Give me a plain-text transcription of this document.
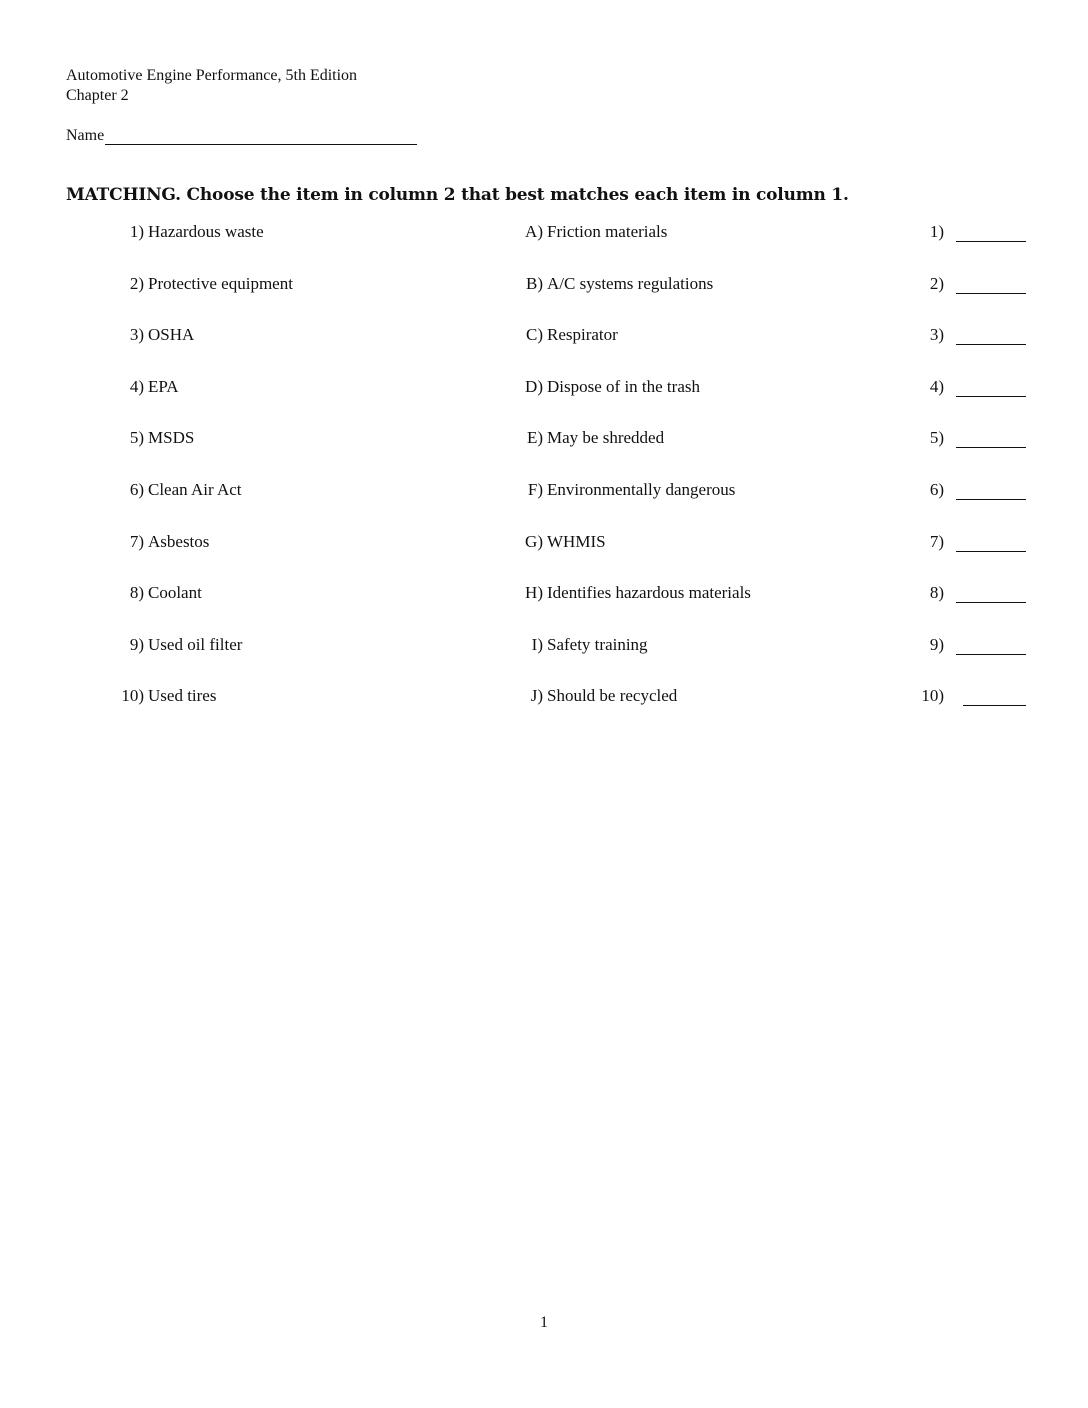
Automotive Engine Performance, 5th Edition
Chapter 2
Name
MATCHING. Choose the item in column 2 that best matches each item in column 1.
1) Hazardous waste	A) Friction materials	1)
2) Protective equipment	B) A/C systems regulations	2)
3) OSHA	C) Respirator	3)
4) EPA	D) Dispose of in the trash	4)
5) MSDS	E) May be shredded	5)
6) Clean Air Act	F) Environmentally dangerous	6)
7) Asbestos	G) WHMIS	7)
8) Coolant	H) Identifies hazardous materials	8)
9) Used oil filter	I) Safety training	9)
10) Used tires	J) Should be recycled	10)
1
